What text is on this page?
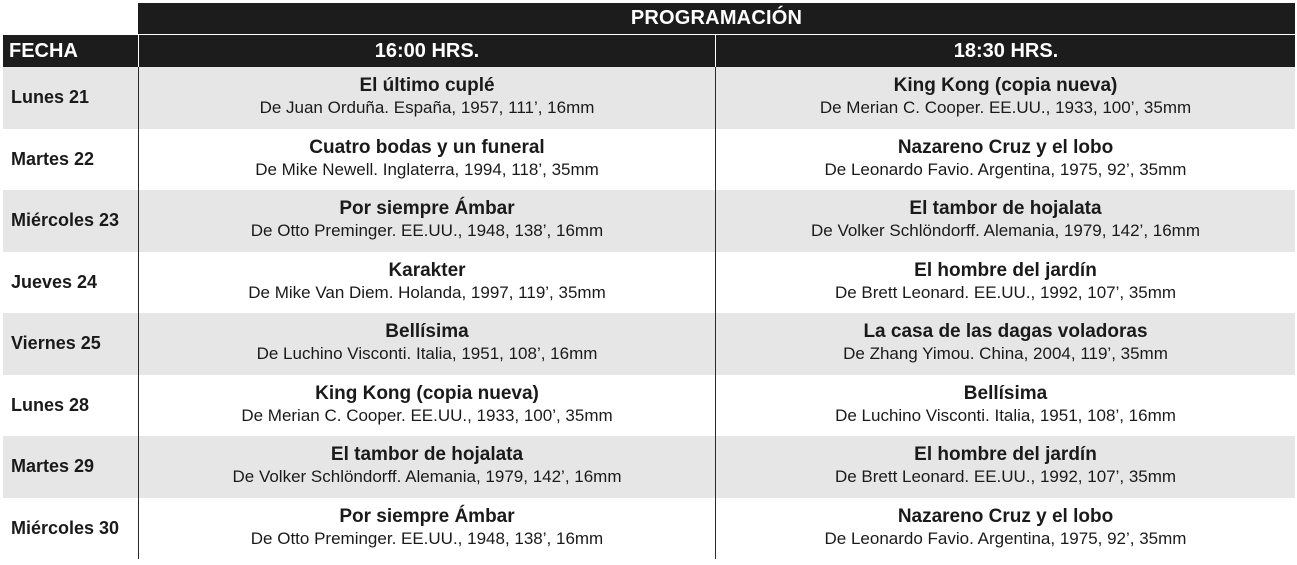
PROGRAMACIÓN
FECHA	16:00 HRS.	18:30 HRS.
Lunes 21
El último cuplé
De Juan Orduña. España, 1957, 111’, 16mm
King Kong (copia nueva)
De Merian C. Cooper. EE.UU., 1933, 100’, 35mm
Martes 22
Cuatro bodas y un funeral
De Mike Newell. Inglaterra, 1994, 118’, 35mm
Nazareno Cruz y el lobo
De Leonardo Favio. Argentina, 1975, 92’, 35mm
Miércoles 23
Por siempre Ámbar
De Otto Preminger. EE.UU., 1948, 138’, 16mm
El tambor de hojalata
De Volker Schlöndorff. Alemania, 1979, 142’, 16mm
Jueves 24
Karakter
De Mike Van Diem. Holanda, 1997, 119’, 35mm
El hombre del jardín
De Brett Leonard. EE.UU., 1992, 107’, 35mm
Viernes 25
Bellísima
De Luchino Visconti. Italia, 1951, 108’, 16mm
La casa de las dagas voladoras
De Zhang Yimou. China, 2004, 119’, 35mm
Lunes 28
King Kong (copia nueva)
De Merian C. Cooper. EE.UU., 1933, 100’, 35mm
Bellísima
De Luchino Visconti. Italia, 1951, 108’, 16mm
Martes 29
El tambor de hojalata
De Volker Schlöndorff. Alemania, 1979, 142’, 16mm
El hombre del jardín
De Brett Leonard. EE.UU., 1992, 107’, 35mm
Miércoles 30
Por siempre Ámbar
De Otto Preminger. EE.UU., 1948, 138’, 16mm
Nazareno Cruz y el lobo
De Leonardo Favio. Argentina, 1975, 92’, 35mm
